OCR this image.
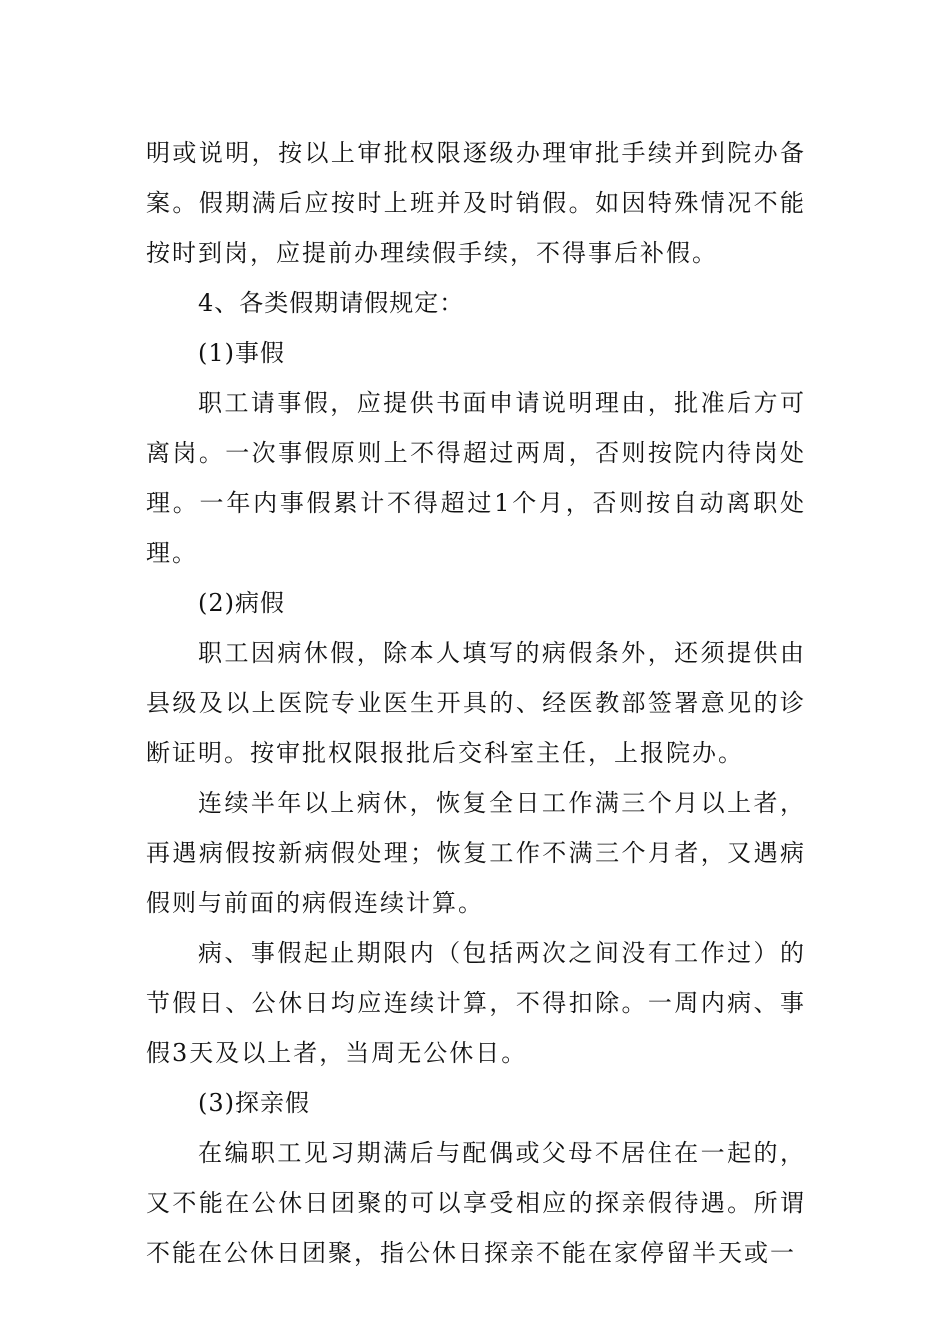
明或说明，按以上审批权限逐级办理审批手续并到院办备案。假期满后应按时上班并及时销假。如因特殊情况不能按时到岗，应提前办理续假手续，不得事后补假。

4、各类假期请假规定：

(1)事假

职工请事假，应提供书面申请说明理由，批准后方可离岗。一次事假原则上不得超过两周，否则按院内待岗处理。一年内事假累计不得超过1个月，否则按自动离职处理。

(2)病假

职工因病休假，除本人填写的病假条外，还须提供由县级及以上医院专业医生开具的、经医教部签署意见的诊断证明。按审批权限报批后交科室主任，上报院办。

连续半年以上病休，恢复全日工作满三个月以上者，再遇病假按新病假处理；恢复工作不满三个月者，又遇病假则与前面的病假连续计算。

病、事假起止期限内（包括两次之间没有工作过）的节假日、公休日均应连续计算，不得扣除。一周内病、事假3天及以上者，当周无公休日。

(3)探亲假

在编职工见习期满后与配偶或父母不居住在一起的，又不能在公休日团聚的可以享受相应的探亲假待遇。所谓不能在公休日团聚，指公休日探亲不能在家停留半天或一
